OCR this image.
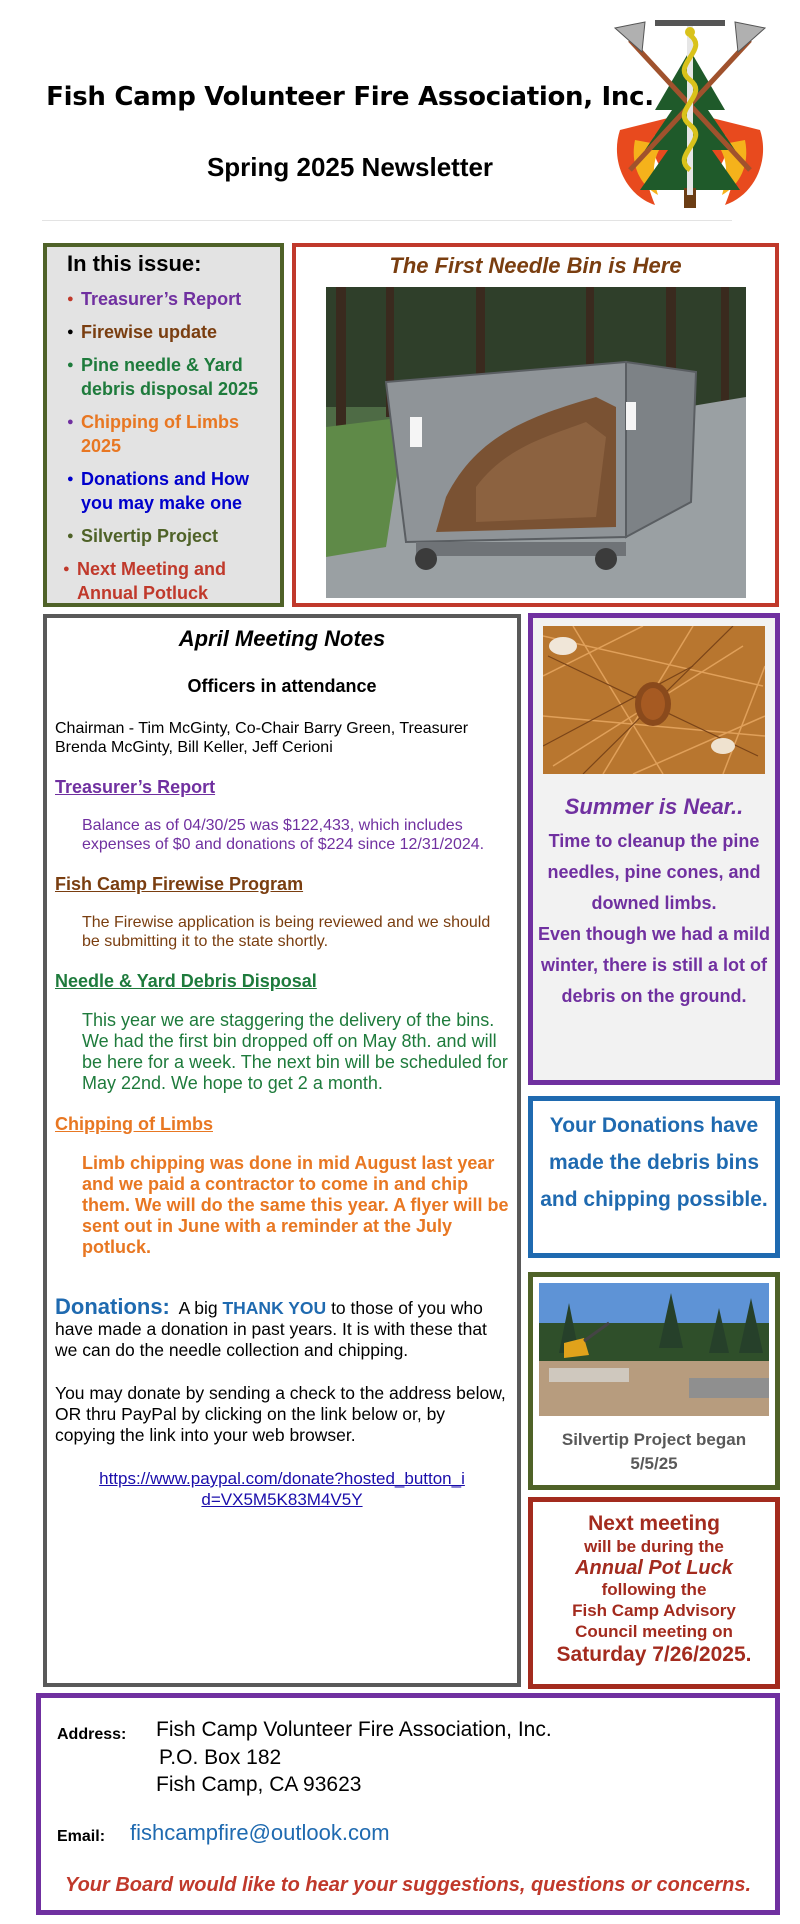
Fish Camp Volunteer Fire Association, Inc.
Spring 2025 Newsletter
In this issue:
● Treasurer’s Report
● Firewise update
● Pine needle & Yard debris disposal 2025
● Chipping of Limbs 2025
● Donations and How you may make one
● Silvertip Project
● Next Meeting and Annual Potluck
The First Needle Bin is Here
April Meeting Notes
Officers in attendance
Chairman - Tim McGinty, Co-Chair Barry Green, Treasurer Brenda McGinty, Bill Keller, Jeff Cerioni
Treasurer’s Report
Balance as of 04/30/25 was $122,433, which includes expenses of $0 and donations of $224 since 12/31/2024.
Fish Camp Firewise Program
The Firewise application is being reviewed and we should be submitting it to the state shortly.
Needle & Yard Debris Disposal
This year we are staggering the delivery of the bins. We had the first bin dropped off on May 8th. and will be here for a week. The next bin will be scheduled for May 22nd. We hope to get 2 a month.
Chipping of Limbs
Limb chipping was done in mid August last year and we paid a contractor to come in and chip them. We will do the same this year. A flyer will be sent out in June with a reminder at the July potluck.
Donations: A big THANK YOU to those of you who have made a donation in past years. It is with these that we can do the needle collection and chipping.
You may donate by sending a check to the address below, OR thru PayPal by clicking on the link below or, by copying the link into your web browser.
https://www.paypal.com/donate?hosted_button_id=VX5M5K83M4V5Y
Summer is Near..
Time to cleanup the pine needles, pine cones, and downed limbs.
Even though we had a mild winter, there is still a lot of debris on the ground.
Your Donations have made the debris bins and chipping possible.
Silvertip Project began 5/5/25
Next meeting
will be during the
Annual Pot Luck
following the
Fish Camp Advisory
Council meeting on
Saturday 7/26/2025.
Address: Fish Camp Volunteer Fire Association, Inc.
P.O. Box 182
Fish Camp, CA 93623
Email: fishcampfire@outlook.com
Your Board would like to hear your suggestions, questions or concerns.
